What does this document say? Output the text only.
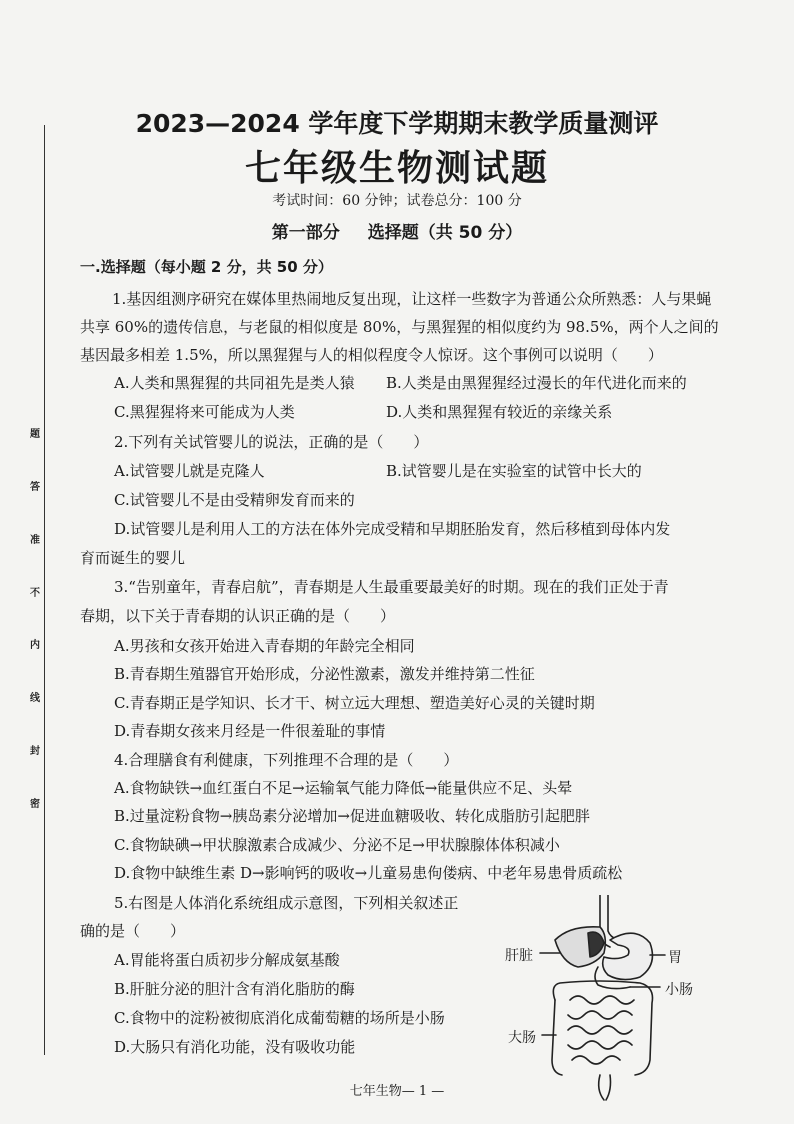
题
答
准
不
内
线
封
密
2023—2024 学年度下学期期末教学质量测评
七年级生物测试题
考试时间：60 分钟；试卷总分：100 分
第一部分 选择题（共 50 分）
一.选择题（每小题 2 分，共 50 分）
1.基因组测序研究在媒体里热闹地反复出现，让这样一些数字为普通公众所熟悉：人与果蝇
共享 60%的遗传信息，与老鼠的相似度是 80%，与黑猩猩的相似度约为 98.5%，两个人之间的
基因最多相差 1.5%，所以黑猩猩与人的相似程度令人惊讶。这个事例可以说明（　　）
A.人类和黑猩猩的共同祖先是类人猿 B.人类是由黑猩猩经过漫长的年代进化而来的
C.黑猩猩将来可能成为人类	D.人类和黑猩猩有较近的亲缘关系
2.下列有关试管婴儿的说法，正确的是（　　）
A.试管婴儿就是克隆人	B.试管婴儿是在实验室的试管中长大的
C.试管婴儿不是由受精卵发育而来的
D.试管婴儿是利用人工的方法在体外完成受精和早期胚胎发育，然后移植到母体内发
育而诞生的婴儿
3.“告别童年，青春启航”，青春期是人生最重要最美好的时期。现在的我们正处于青
春期，以下关于青春期的认识正确的是（　　）
A.男孩和女孩开始进入青春期的年龄完全相同
B.青春期生殖器官开始形成，分泌性激素，激发并维持第二性征
C.青春期正是学知识、长才干、树立远大理想、塑造美好心灵的关键时期
D.青春期女孩来月经是一件很羞耻的事情
4.合理膳食有利健康，下列推理不合理的是（　　）
A.食物缺铁→血红蛋白不足→运输氧气能力降低→能量供应不足、头晕
B.过量淀粉食物→胰岛素分泌增加→促进血糖吸收、转化成脂肪引起肥胖
C.食物缺碘→甲状腺激素合成减少、分泌不足→甲状腺腺体体积减小
D.食物中缺维生素 D→影响钙的吸收→儿童易患佝偻病、中老年易患骨质疏松
5.右图是人体消化系统组成示意图，下列相关叙述正
确的是（　　）
A.胃能将蛋白质初步分解成氨基酸
B.肝脏分泌的胆汁含有消化脂肪的酶
C.食物中的淀粉被彻底消化成葡萄糖的场所是小肠
D.大肠只有消化功能，没有吸收功能
肝脏	胃
小肠
大肠
七年生物— 1 —
